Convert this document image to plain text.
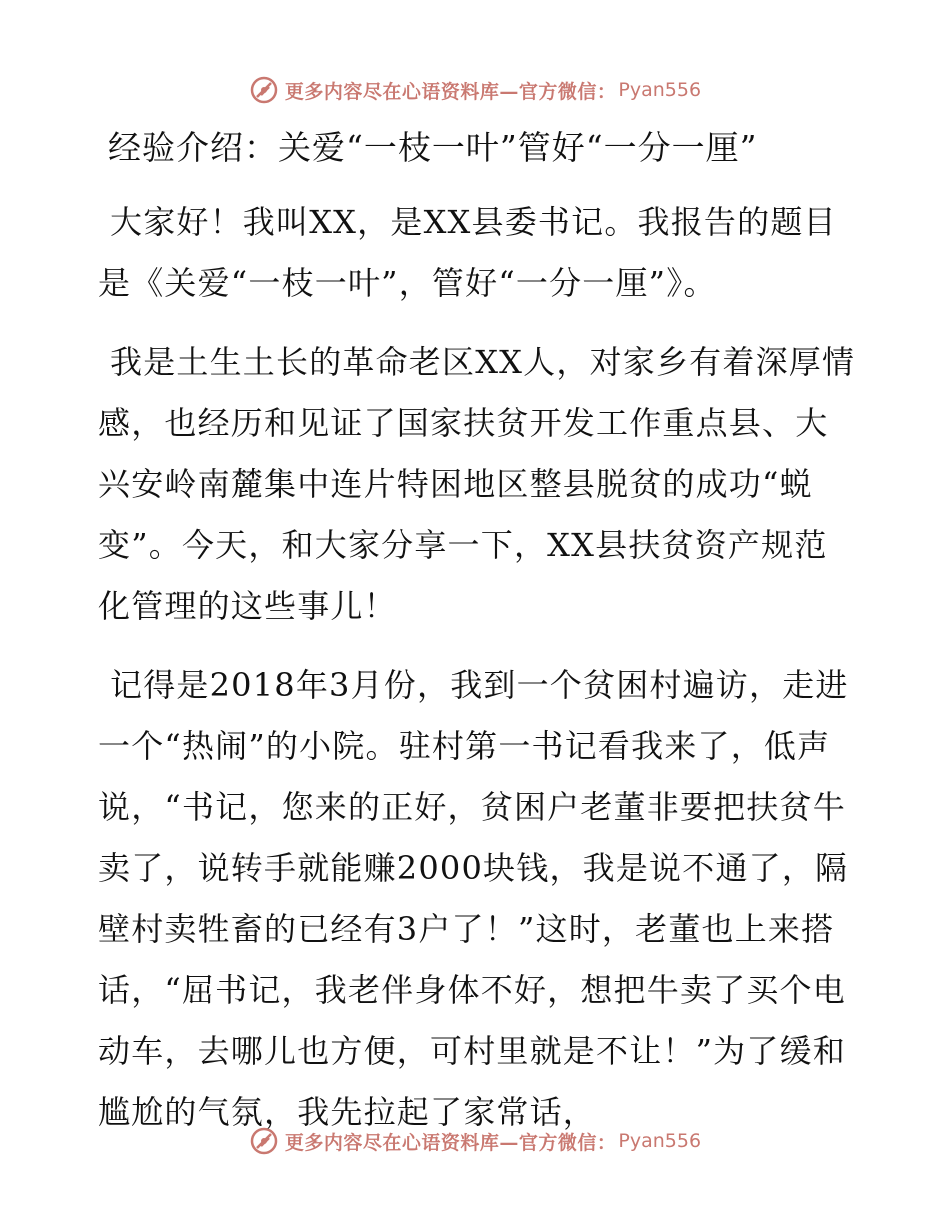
更多内容尽在心语资料库—官方微信： Pyan556
经验介绍：关爱“一枝一叶”管好“一分一厘”

大家好！我叫XX，是XX县委书记。我报告的题目是《关爱“一枝一叶”，管好“一分一厘”》。

我是土生土长的革命老区XX人，对家乡有着深厚情感，也经历和见证了国家扶贫开发工作重点县、大兴安岭南麓集中连片特困地区整县脱贫的成功“蜕变”。今天，和大家分享一下，XX县扶贫资产规范化管理的这些事儿！

记得是2018年3月份，我到一个贫困村遍访，走进一个“热闹”的小院。驻村第一书记看我来了，低声说，“书记，您来的正好，贫困户老董非要把扶贫牛卖了，说转手就能赚2000块钱，我是说不通了，隔壁村卖牲畜的已经有3户了！”这时，老董也上来搭话，“屈书记，我老伴身体不好，想把牛卖了买个电动车，去哪儿也方便，可村里就是不让！”为了缓和尴尬的气氛，我先拉起了家常话，

更多内容尽在心语资料库—官方微信： Pyan556
